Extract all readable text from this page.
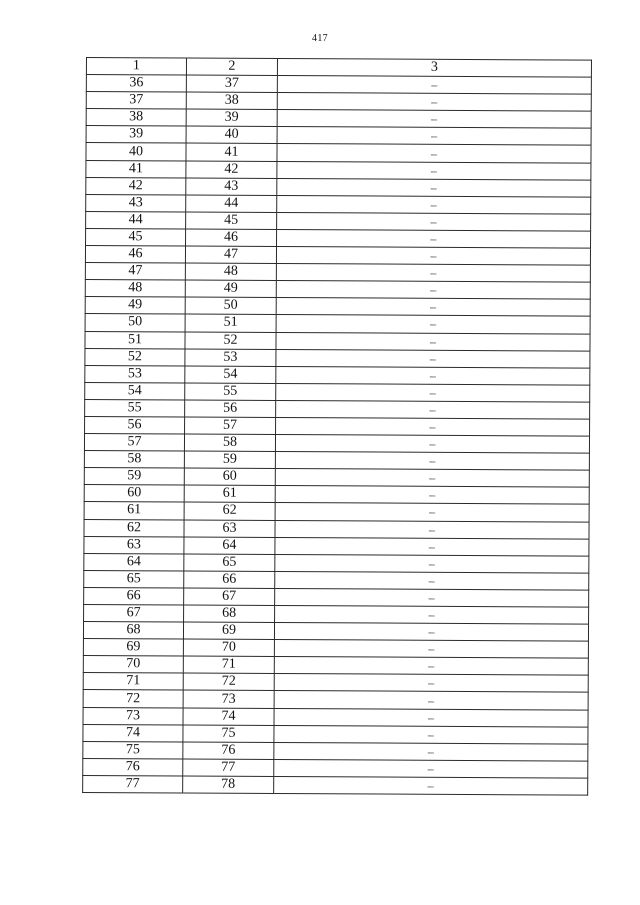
417
1	2	3
36	37	–
37	38	–
38	39	–
39	40	–
40	41	–
41	42	–
42	43	–
43	44	–
44	45	–
45	46	–
46	47	–
47	48	–
48	49	–
49	50	–
50	51	–
51	52	–
52	53	–
53	54	–
54	55	–
55	56	–
56	57	–
57	58	–
58	59	–
59	60	–
60	61	–
61	62	–
62	63	–
63	64	–
64	65	–
65	66	–
66	67	–
67	68	–
68	69	–
69	70	–
70	71	–
71	72	–
72	73	–
73	74	–
74	75	–
75	76	–
76	77	–
77	78	–
